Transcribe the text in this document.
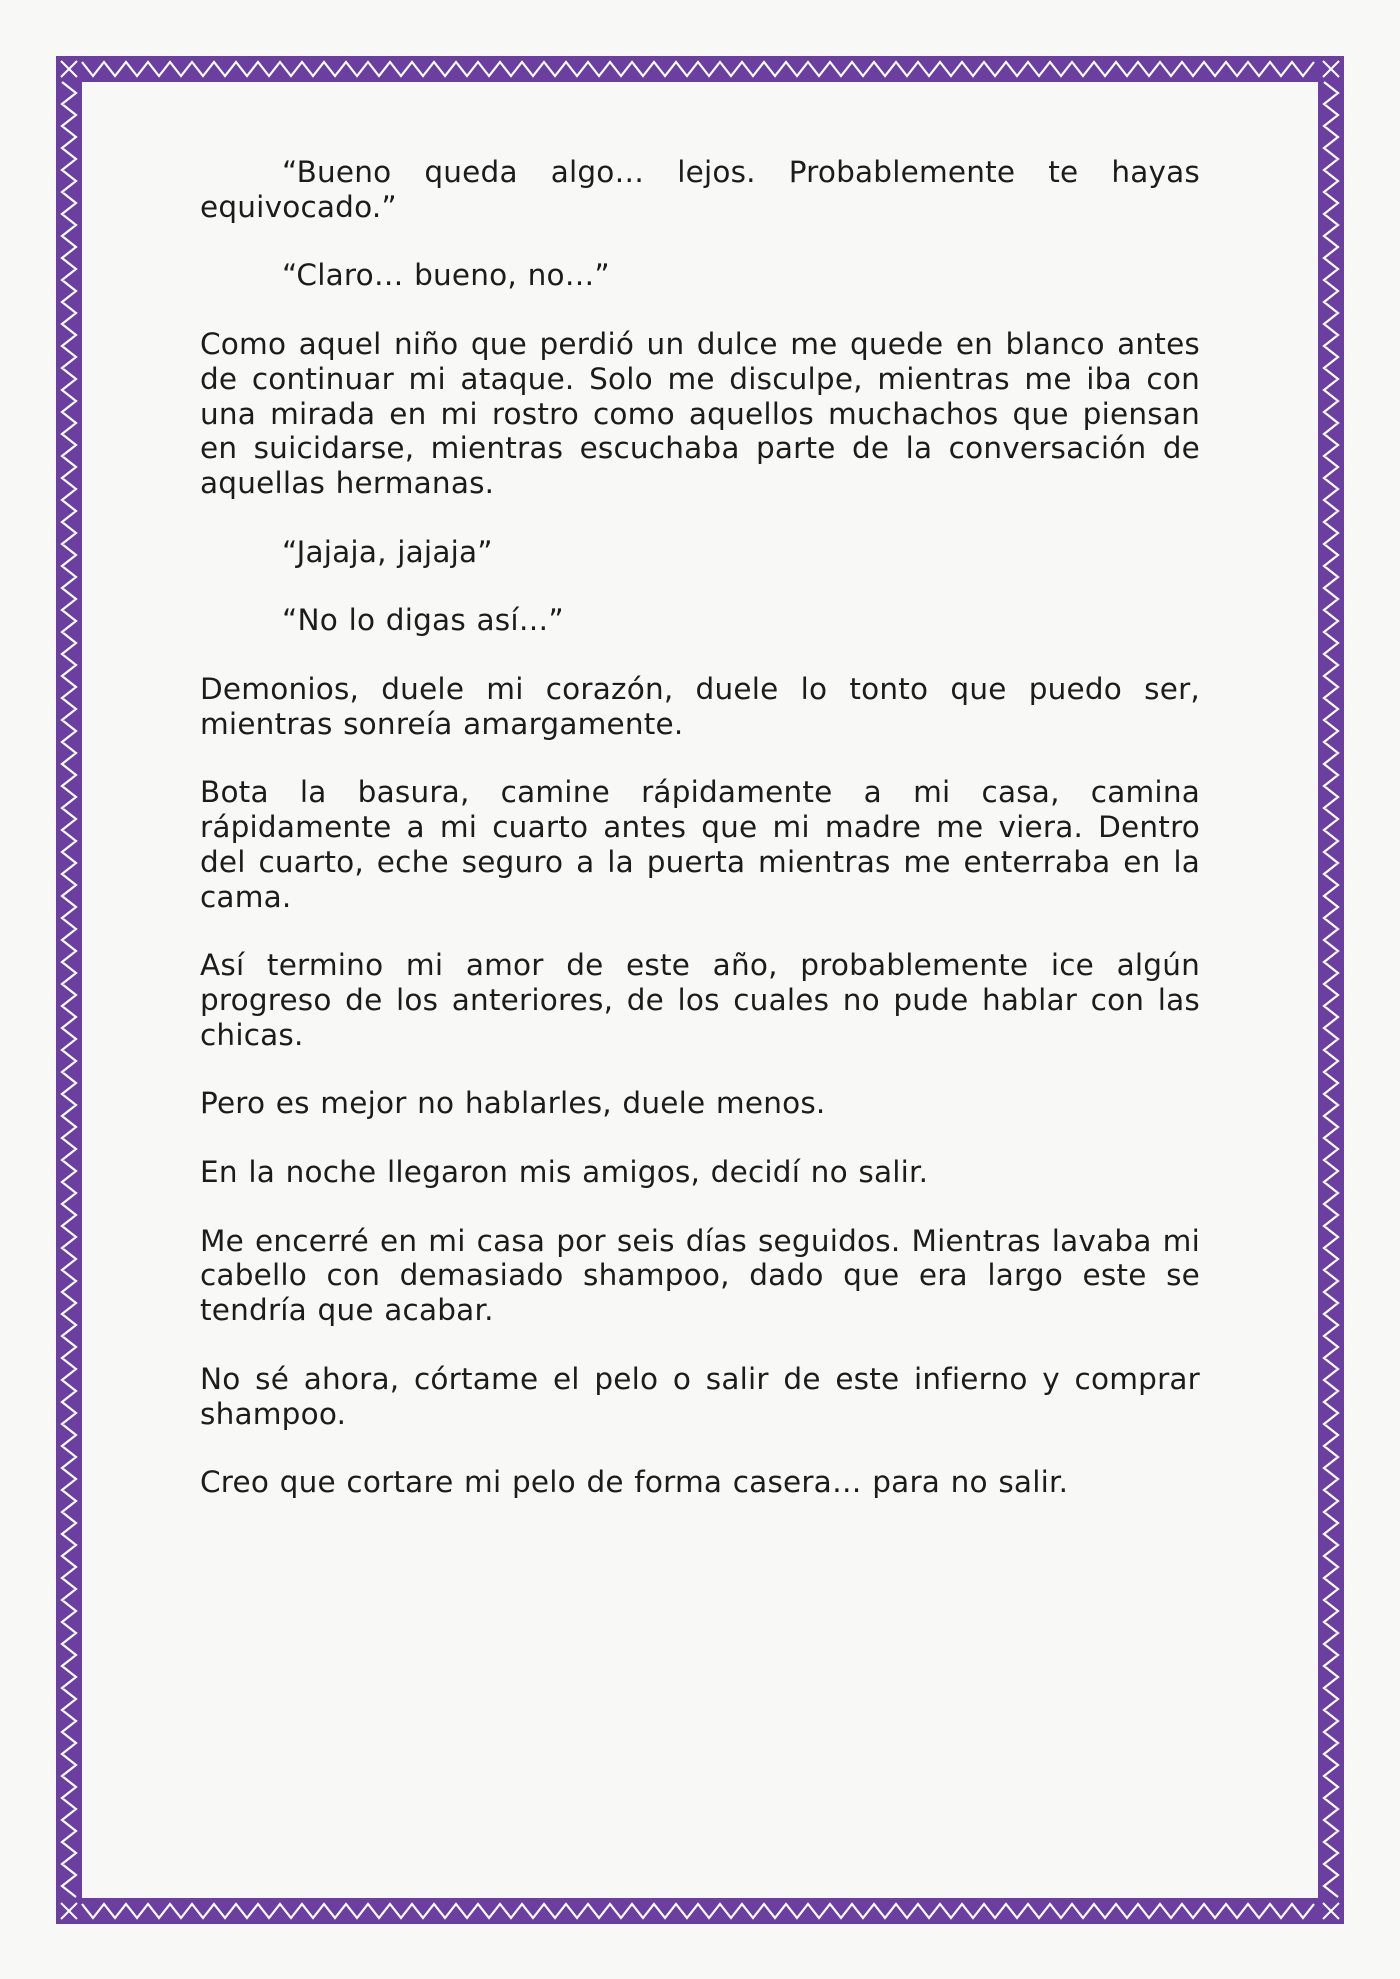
“Bueno queda algo… lejos. Probablemente te hayas equivocado.”

“Claro… bueno, no…”

Como aquel niño que perdió un dulce me quede en blanco antes de continuar mi ataque. Solo me disculpe, mientras me iba con una mirada en mi rostro como aquellos muchachos que piensan en suicidarse, mientras escuchaba parte de la conversación de aquellas hermanas.

“Jajaja, jajaja”

“No lo digas así…”

Demonios, duele mi corazón, duele lo tonto que puedo ser, mientras sonreía amargamente.

Bota la basura, camine rápidamente a mi casa, camina rápidamente a mi cuarto antes que mi madre me viera. Dentro del cuarto, eche seguro a la puerta mientras me enterraba en la cama.

Así termino mi amor de este año, probablemente ice algún progreso de los anteriores, de los cuales no pude hablar con las chicas.

Pero es mejor no hablarles, duele menos.

En la noche llegaron mis amigos, decidí no salir.

Me encerré en mi casa por seis días seguidos. Mientras lavaba mi cabello con demasiado shampoo, dado que era largo este se tendría que acabar.

No sé ahora, córtame el pelo o salir de este infierno y comprar shampoo.

Creo que cortare mi pelo de forma casera… para no salir.
